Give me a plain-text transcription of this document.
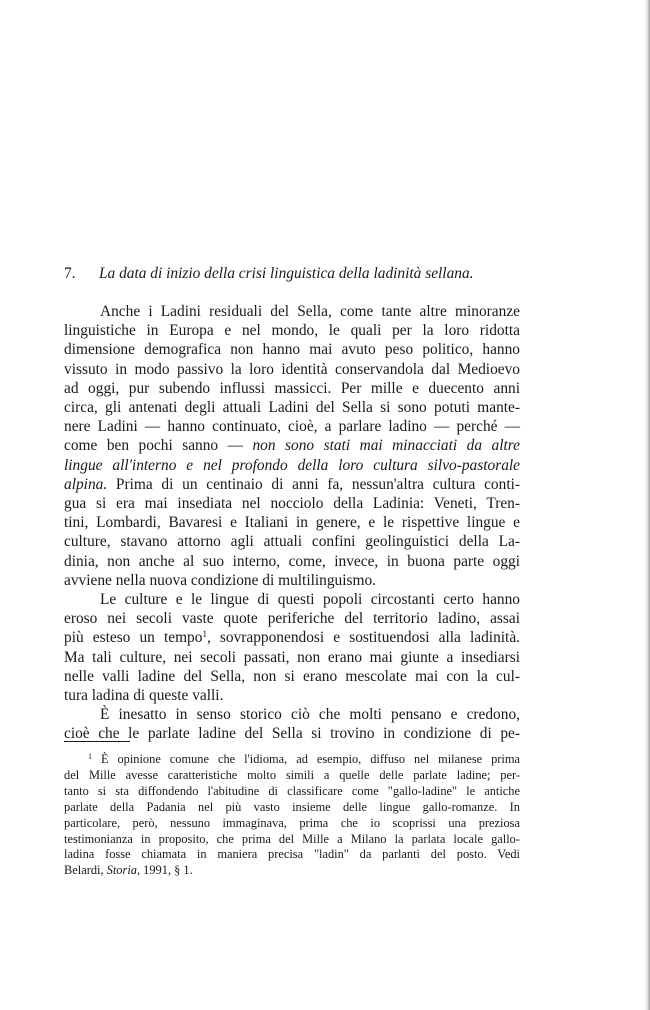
7. La data di inizio della crisi linguistica della ladinità sellana.
Anche i Ladini residuali del Sella, come tante altre minoranze
linguistiche in Europa e nel mondo, le quali per la loro ridotta
dimensione demografica non hanno mai avuto peso politico, hanno
vissuto in modo passivo la loro identità conservandola dal Medioevo
ad oggi, pur subendo influssi massicci. Per mille e duecento anni
circa, gli antenati degli attuali Ladini del Sella si sono potuti mante-
nere Ladini — hanno continuato, cioè, a parlare ladino — perché —
come ben pochi sanno — non sono stati mai minacciati da altre
lingue all'interno e nel profondo della loro cultura silvo-pastorale
alpina. Prima di un centinaio di anni fa, nessun'altra cultura conti-
gua si era mai insediata nel nocciolo della Ladinia: Veneti, Tren-
tini, Lombardi, Bavaresi e Italiani in genere, e le rispettive lingue e
culture, stavano attorno agli attuali confini geolinguistici della La-
dinia, non anche al suo interno, come, invece, in buona parte oggi
avviene nella nuova condizione di multilinguismo.
Le culture e le lingue di questi popoli circostanti certo hanno
eroso nei secoli vaste quote periferiche del territorio ladino, assai
più esteso un tempo$^1$, sovrapponendosi e sostituendosi alla ladinità.
Ma tali culture, nei secoli passati, non erano mai giunte a insediarsi
nelle valli ladine del Sella, non si erano mescolate mai con la cul-
tura ladina di queste valli.
È inesatto in senso storico ciò che molti pensano e credono,
cioè che le parlate ladine del Sella si trovino in condizione di pe-
$^1$ È opinione comune che l'idioma, ad esempio, diffuso nel milanese prima
del Mille avesse caratteristiche molto simili a quelle delle parlate ladine; per-
tanto si sta diffondendo l'abitudine di classificare come "gallo-ladine" le antiche
parlate della Padania nel più vasto insieme delle lingue gallo-romanze. In
particolare, però, nessuno immaginava, prima che io scoprissi una preziosa
testimonianza in proposito, che prima del Mille a Milano la parlata locale gallo-
ladina fosse chiamata in maniera precisa "ladin" da parlanti del posto. Vedi
Belardi, Storia, 1991, § 1.
